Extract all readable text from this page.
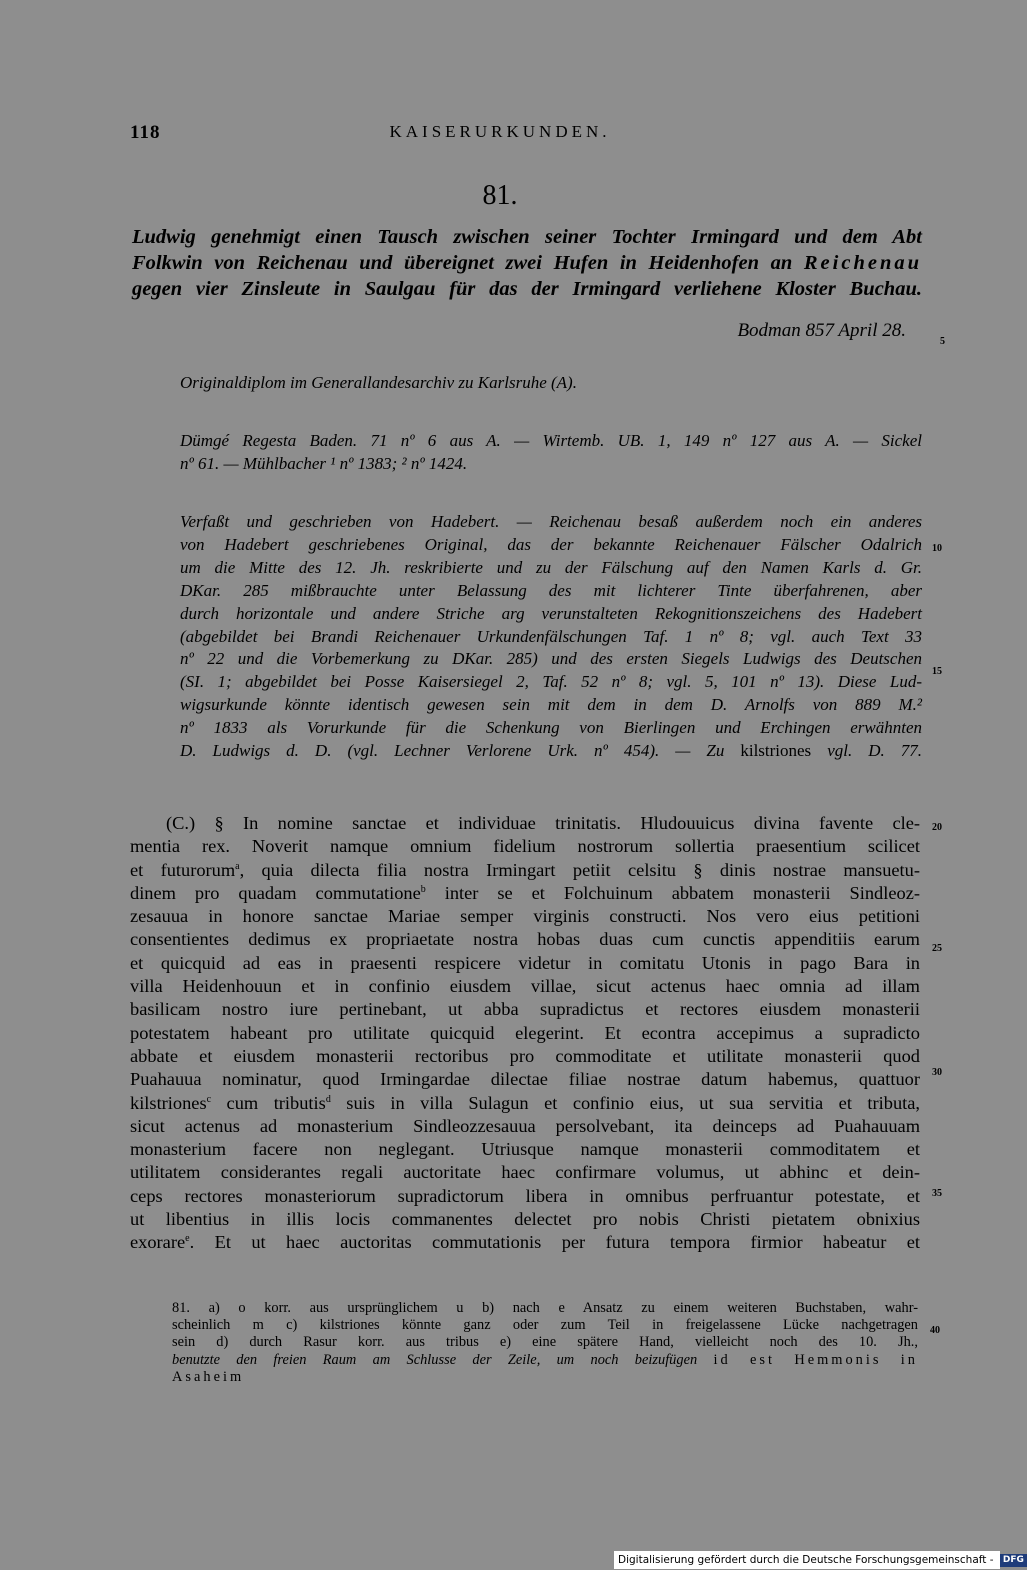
118	KAISERURKUNDEN.
81.
Ludwig genehmigt einen Tausch zwischen seiner Tochter Irmingard und dem Abt
Folkwin von Reichenau und übereignet zwei Hufen in Heidenhofen an Reichenau
gegen vier Zinsleute in Saulgau für das der Irmingard verliehene Kloster Buchau.
Bodman 857 April 28.
5
Originaldiplom im Generallandesarchiv zu Karlsruhe (A).
Dümgé Regesta Baden. 71 nº 6 aus A. — Wirtemb. UB. 1, 149 nº 127 aus A. — Sickel
nº 61. — Mühlbacher ¹ nº 1383; ² nº 1424.
Verfaßt und geschrieben von Hadebert. — Reichenau besaß außerdem noch ein anderes
von Hadebert geschriebenes Original, das der bekannte Reichenauer Fälscher Odalrich
um die Mitte des 12. Jh. reskribierte und zu der Fälschung auf den Namen Karls d. Gr.
DKar. 285 mißbrauchte unter Belassung des mit lichterer Tinte überfahrenen, aber
durch horizontale und andere Striche arg verunstalteten Rekognitionszeichens des Hadebert
(abgebildet bei Brandi Reichenauer Urkundenfälschungen Taf. 1 nº 8; vgl. auch Text 33
nº 22 und die Vorbemerkung zu DKar. 285) und des ersten Siegels Ludwigs des Deutschen
(SI. 1; abgebildet bei Posse Kaisersiegel 2, Taf. 52 nº 8; vgl. 5, 101 nº 13). Diese Lud-
wigsurkunde könnte identisch gewesen sein mit dem in dem D. Arnolfs von 889 M.²
nº 1833 als Vorurkunde für die Schenkung von Bierlingen und Erchingen erwähnten
D. Ludwigs d. D. (vgl. Lechner Verlorene Urk. nº 454). — Zu kilstriones vgl. D. 77.
10
15
(C.) § In nomine sanctae et individuae trinitatis. Hludouuicus divina favente cle-
mentia rex. Noverit namque omnium fidelium nostrorum sollertia praesentium scilicet
et futurorum$^a$, quia dilecta filia nostra Irmingart petiit celsitu § dinis nostrae mansuetu-
dinem pro quadam commutatione$^b$ inter se et Folchuinum abbatem monasterii Sindleoz-
zesauua in honore sanctae Mariae semper virginis constructi. Nos vero eius petitioni
consentientes dedimus ex propriaetate nostra hobas duas cum cunctis appenditiis earum
et quicquid ad eas in praesenti respicere videtur in comitatu Utonis in pago Bara in
villa Heidenhouun et in confinio eiusdem villae, sicut actenus haec omnia ad illam
basilicam nostro iure pertinebant, ut abba supradictus et rectores eiusdem monasterii
potestatem habeant pro utilitate quicquid elegerint. Et econtra accepimus a supradicto
abbate et eiusdem monasterii rectoribus pro commoditate et utilitate monasterii quod
Puahauua nominatur, quod Irmingardae dilectae filiae nostrae datum habemus, quattuor
kilstriones$^c$ cum tributis$^d$ suis in villa Sulagun et confinio eius, ut sua servitia et tributa,
sicut actenus ad monasterium Sindleozzesauua persolvebant, ita deinceps ad Puahauuam
monasterium facere non neglegant. Utriusque namque monasterii commoditatem et
utilitatem considerantes regali auctoritate haec confirmare volumus, ut abhinc et dein-
ceps rectores monasteriorum supradictorum libera in omnibus perfruantur potestate, et
ut libentius in illis locis commanentes delectet pro nobis Christi pietatem obnixius
exorare$^e$. Et ut haec auctoritas commutationis per futura tempora firmior habeatur et
20
25
30
35
81. a) o korr. aus ursprünglichem u b) nach e Ansatz zu einem weiteren Buchstaben, wahr-
scheinlich m c) kilstriones könnte ganz oder zum Teil in freigelassene Lücke nachgetragen
sein d) durch Rasur korr. aus tribus e) eine spätere Hand, vielleicht noch des 10. Jh.,
benutzte den freien Raum am Schlusse der Zeile, um noch beizufügen id est Hemmonis in
Asaheim
40
Digitalisierung gefördert durch die Deutsche Forschungsgemeinschaft - DFG
